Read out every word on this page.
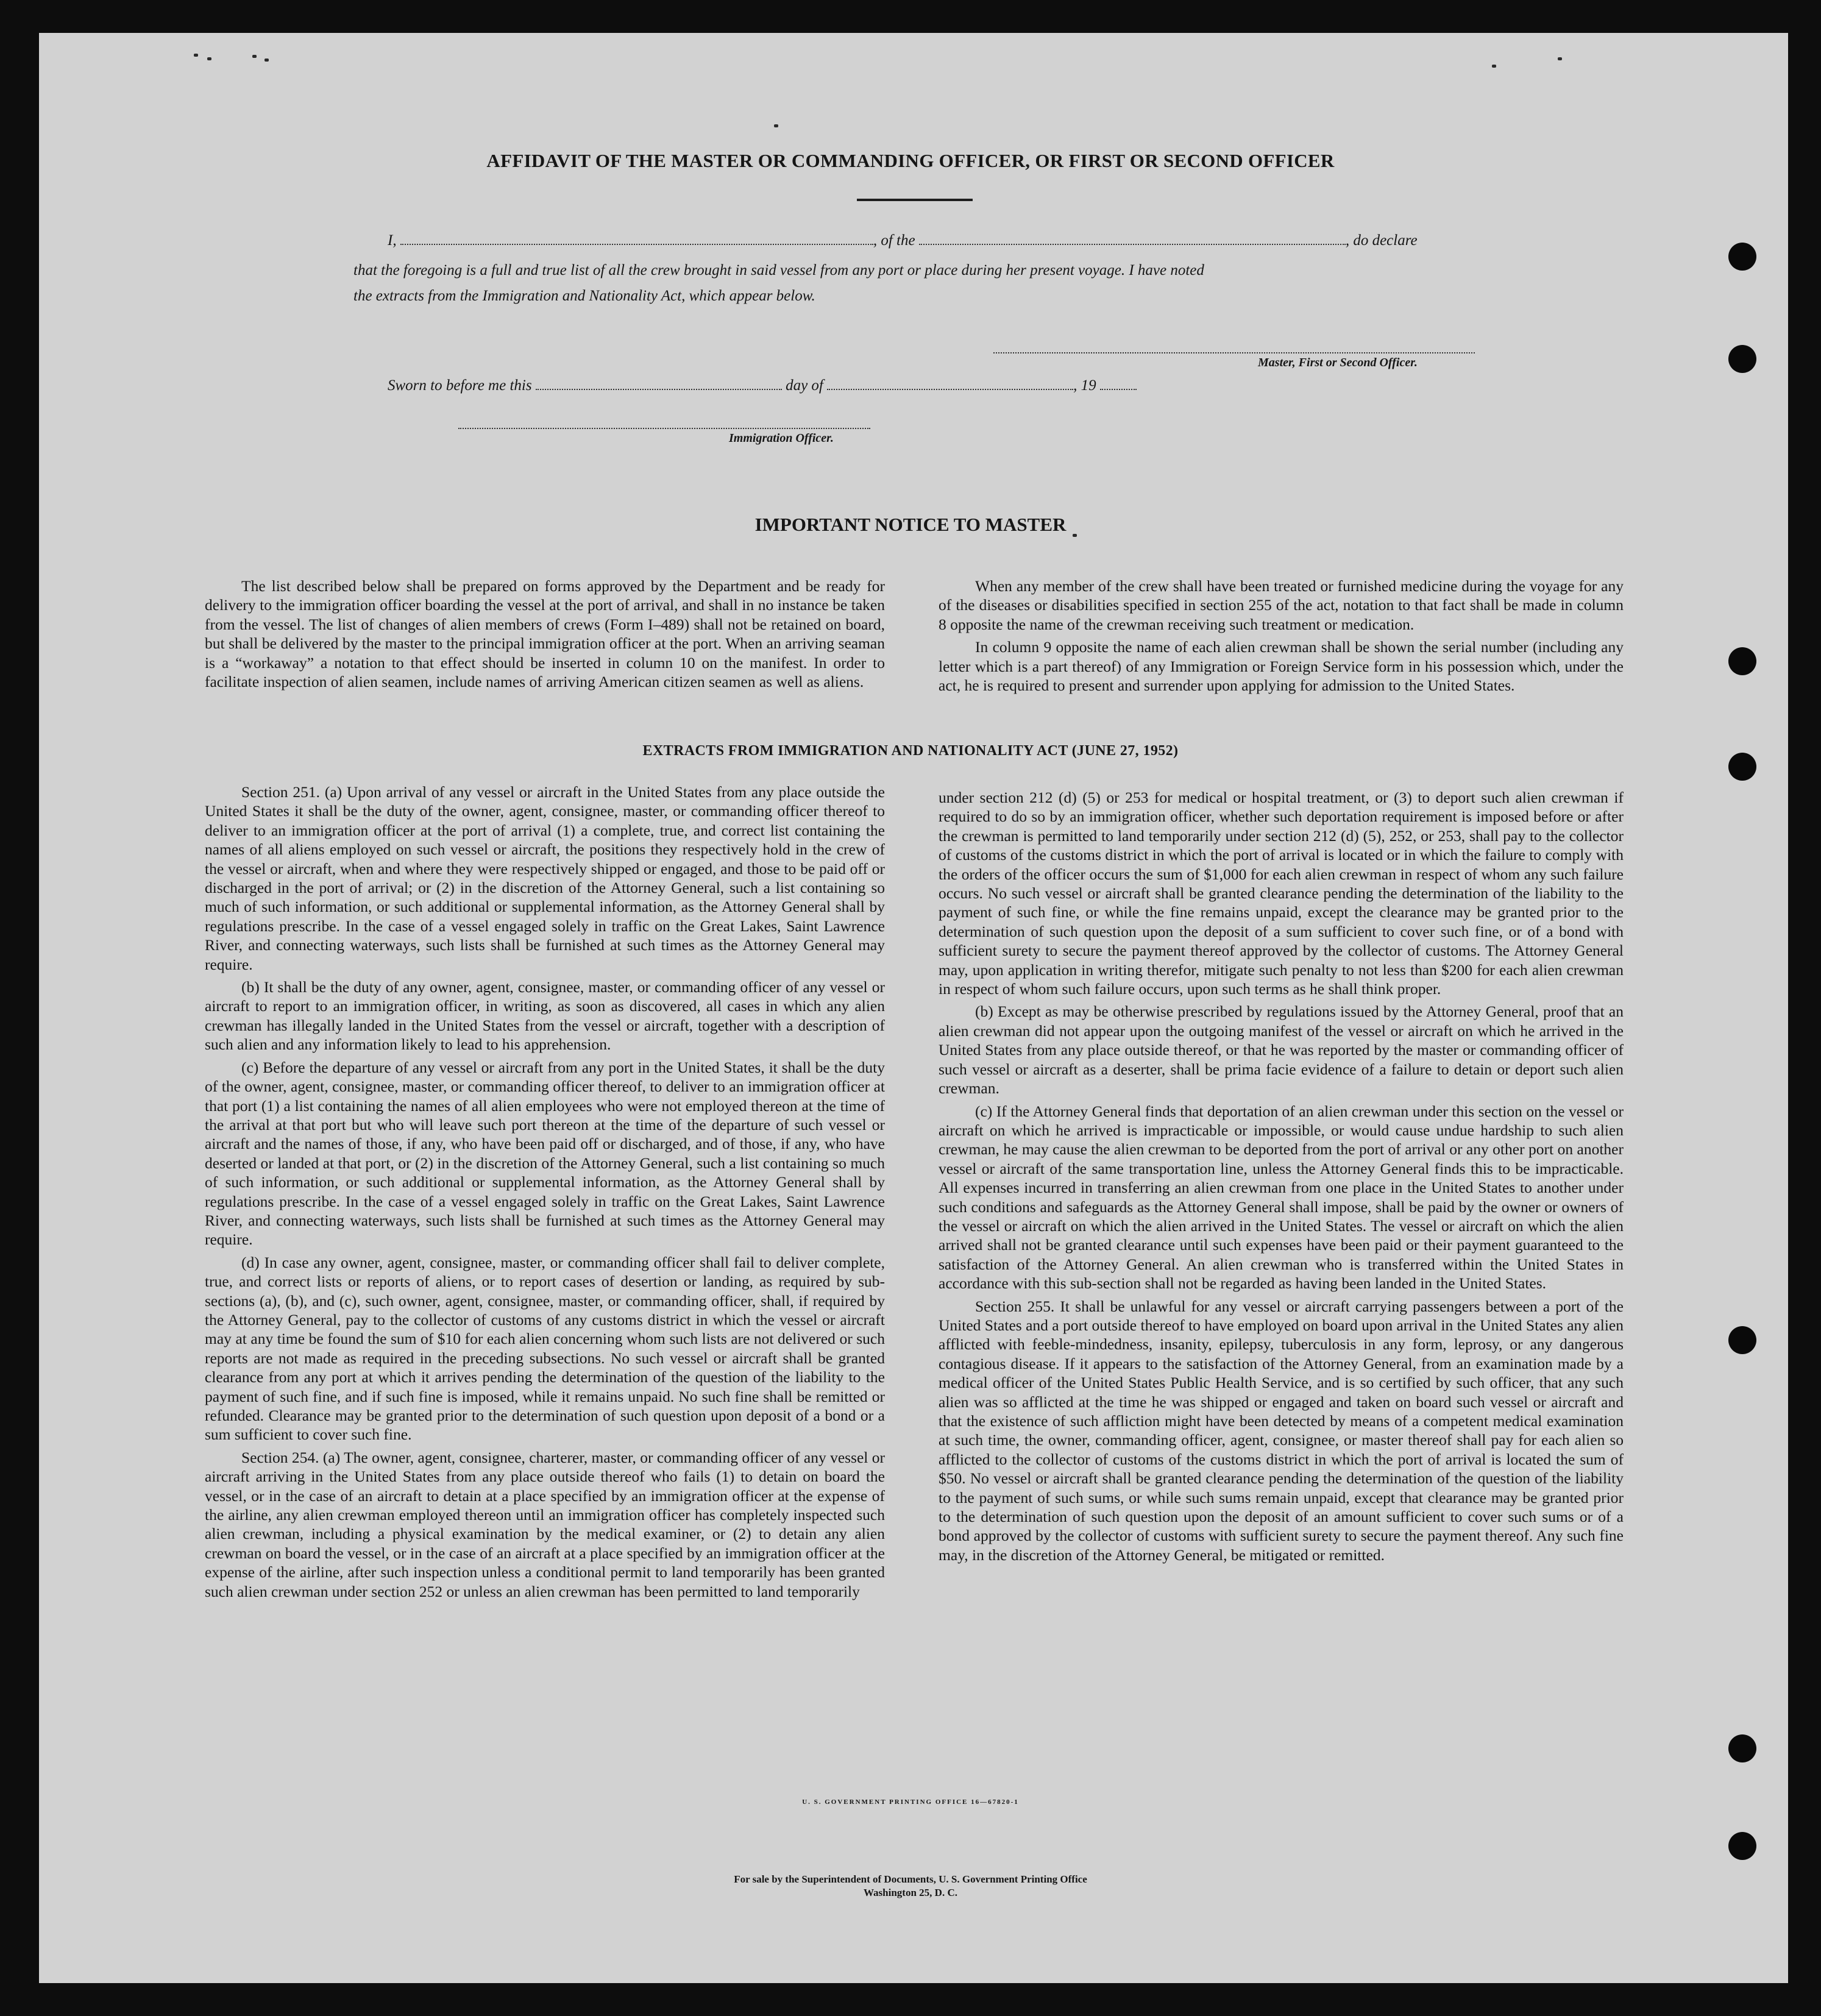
AFFIDAVIT OF THE MASTER OR COMMANDING OFFICER, OR FIRST OR SECOND OFFICER
I,	, of the	, do declare
that the foregoing is a full and true list of all the crew brought in said vessel from any port or place during her present voyage. I have noted
the extracts from the Immigration and Nationality Act, which appear below.
Master, First or Second Officer.
Sworn to before me this	day of	, 19
Immigration Officer.
IMPORTANT NOTICE TO MASTER

The list described below shall be prepared on forms approved by the Department and be ready for delivery to the immigration officer boarding the vessel at the port of arrival, and shall in no instance be taken from the vessel. The list of changes of alien members of crews (Form I–489) shall not be retained on board, but shall be delivered by the master to the principal immigration officer at the port. When an arriving seaman is a “workaway” a notation to that effect should be inserted in column 10 on the manifest. In order to facilitate inspection of alien seamen, include names of arriving American citizen seamen as well as aliens.

When any member of the crew shall have been treated or furnished medicine during the voyage for any of the diseases or disabilities specified in section 255 of the act, notation to that fact shall be made in column 8 opposite the name of the crewman receiving such treatment or medication.

In column 9 opposite the name of each alien crewman shall be shown the serial number (including any letter which is a part thereof) of any Immigration or Foreign Service form in his possession which, under the act, he is required to present and surrender upon applying for admission to the United States.

EXTRACTS FROM IMMIGRATION AND NATIONALITY ACT (JUNE 27, 1952)

Section 251. (a) Upon arrival of any vessel or aircraft in the United States from any place outside the United States it shall be the duty of the owner, agent, consignee, master, or commanding officer thereof to deliver to an immigration officer at the port of arrival (1) a complete, true, and correct list containing the names of all aliens employed on such vessel or aircraft, the positions they respectively hold in the crew of the vessel or aircraft, when and where they were respectively shipped or engaged, and those to be paid off or discharged in the port of arrival; or (2) in the discretion of the Attorney General, such a list containing so much of such information, or such additional or supplemental information, as the Attorney General shall by regulations prescribe. In the case of a vessel engaged solely in traffic on the Great Lakes, Saint Lawrence River, and connecting waterways, such lists shall be furnished at such times as the Attorney General may require.

(b) It shall be the duty of any owner, agent, consignee, master, or commanding officer of any vessel or aircraft to report to an immigration officer, in writing, as soon as discovered, all cases in which any alien crewman has illegally landed in the United States from the vessel or aircraft, together with a description of such alien and any information likely to lead to his apprehension.

(c) Before the departure of any vessel or aircraft from any port in the United States, it shall be the duty of the owner, agent, consignee, master, or commanding officer thereof, to deliver to an immigration officer at that port (1) a list containing the names of all alien employees who were not employed thereon at the time of the arrival at that port but who will leave such port thereon at the time of the departure of such vessel or aircraft and the names of those, if any, who have been paid off or discharged, and of those, if any, who have deserted or landed at that port, or (2) in the discretion of the Attorney General, such a list containing so much of such information, or such additional or supplemental information, as the Attorney General shall by regulations prescribe. In the case of a vessel engaged solely in traffic on the Great Lakes, Saint Lawrence River, and connecting waterways, such lists shall be furnished at such times as the Attorney General may require.

(d) In case any owner, agent, consignee, master, or commanding officer shall fail to deliver complete, true, and correct lists or reports of aliens, or to report cases of desertion or landing, as required by sub-sections (a), (b), and (c), such owner, agent, consignee, master, or commanding officer, shall, if required by the Attorney General, pay to the collector of customs of any customs district in which the vessel or aircraft may at any time be found the sum of $10 for each alien concerning whom such lists are not delivered or such reports are not made as required in the preceding subsections. No such vessel or aircraft shall be granted clearance from any port at which it arrives pending the determination of the question of the liability to the payment of such fine, and if such fine is imposed, while it remains unpaid. No such fine shall be remitted or refunded. Clearance may be granted prior to the determination of such question upon deposit of a bond or a sum sufficient to cover such fine.

Section 254. (a) The owner, agent, consignee, charterer, master, or commanding officer of any vessel or aircraft arriving in the United States from any place outside thereof who fails (1) to detain on board the vessel, or in the case of an aircraft to detain at a place specified by an immigration officer at the expense of the airline, any alien crewman employed thereon until an immigration officer has completely inspected such alien crewman, including a physical examination by the medical examiner, or (2) to detain any alien crewman on board the vessel, or in the case of an aircraft at a place specified by an immigration officer at the expense of the airline, after such inspection unless a conditional permit to land temporarily has been granted such alien crewman under section 252 or unless an alien crewman has been permitted to land temporarily

under section 212 (d) (5) or 253 for medical or hospital treatment, or (3) to deport such alien crewman if required to do so by an immigration officer, whether such deportation requirement is imposed before or after the crewman is permitted to land temporarily under section 212 (d) (5), 252, or 253, shall pay to the collector of customs of the customs district in which the port of arrival is located or in which the failure to comply with the orders of the officer occurs the sum of $1,000 for each alien crewman in respect of whom any such failure occurs. No such vessel or aircraft shall be granted clearance pending the determination of the liability to the payment of such fine, or while the fine remains unpaid, except the clearance may be granted prior to the determination of such question upon the deposit of a sum sufficient to cover such fine, or of a bond with sufficient surety to secure the payment thereof approved by the collector of customs. The Attorney General may, upon application in writing therefor, mitigate such penalty to not less than $200 for each alien crewman in respect of whom such failure occurs, upon such terms as he shall think proper.

(b) Except as may be otherwise prescribed by regulations issued by the Attorney General, proof that an alien crewman did not appear upon the outgoing manifest of the vessel or aircraft on which he arrived in the United States from any place outside thereof, or that he was reported by the master or commanding officer of such vessel or aircraft as a deserter, shall be prima facie evidence of a failure to detain or deport such alien crewman.

(c) If the Attorney General finds that deportation of an alien crewman under this section on the vessel or aircraft on which he arrived is impracticable or impossible, or would cause undue hardship to such alien crewman, he may cause the alien crewman to be deported from the port of arrival or any other port on another vessel or aircraft of the same transportation line, unless the Attorney General finds this to be impracticable. All expenses incurred in transferring an alien crewman from one place in the United States to another under such conditions and safeguards as the Attorney General shall impose, shall be paid by the owner or owners of the vessel or aircraft on which the alien arrived in the United States. The vessel or aircraft on which the alien arrived shall not be granted clearance until such expenses have been paid or their payment guaranteed to the satisfaction of the Attorney General. An alien crewman who is transferred within the United States in accordance with this sub-section shall not be regarded as having been landed in the United States.

Section 255. It shall be unlawful for any vessel or aircraft carrying passengers between a port of the United States and a port outside thereof to have employed on board upon arrival in the United States any alien afflicted with feeble-mindedness, insanity, epilepsy, tuberculosis in any form, leprosy, or any dangerous contagious disease. If it appears to the satisfaction of the Attorney General, from an examination made by a medical officer of the United States Public Health Service, and is so certified by such officer, that any such alien was so afflicted at the time he was shipped or engaged and taken on board such vessel or aircraft and that the existence of such affliction might have been detected by means of a competent medical examination at such time, the owner, commanding officer, agent, consignee, or master thereof shall pay for each alien so afflicted to the collector of customs of the customs district in which the port of arrival is located the sum of $50. No vessel or aircraft shall be granted clearance pending the determination of the question of the liability to the payment of such sums, or while such sums remain unpaid, except that clearance may be granted prior to the determination of such question upon the deposit of an amount sufficient to cover such sums or of a bond approved by the collector of customs with sufficient surety to secure the payment thereof. Any such fine may, in the discretion of the Attorney General, be mitigated or remitted.

U. S. GOVERNMENT PRINTING OFFICE 16—67820-1

For sale by the Superintendent of Documents, U. S. Government Printing Office
Washington 25, D. C.
